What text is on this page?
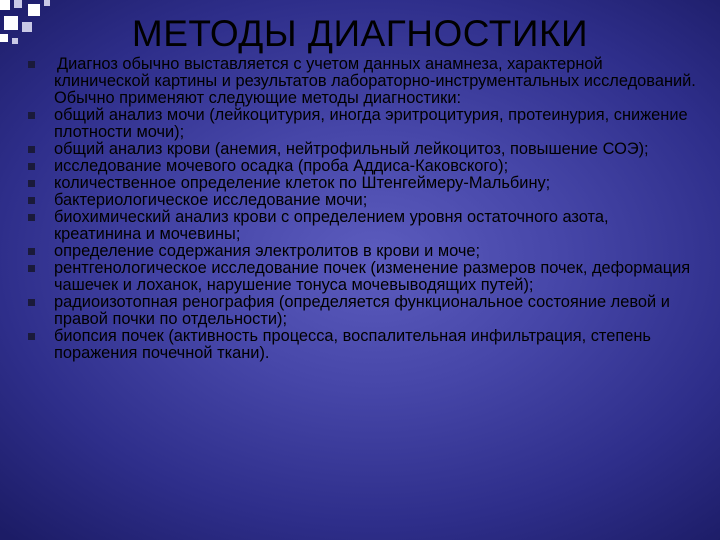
МЕТОДЫ ДИАГНОСТИКИ

Диагноз обычно выставляется с учетом данных анамнеза, характерной клинической картины и результатов лабораторно-инструментальных исследований. Обычно применяют следующие методы диагностики:

общий анализ мочи (лейкоцитурия, иногда эритроцитурия, протеинурия, снижение плотности мочи);

общий анализ крови (анемия, нейтрофильный лейкоцитоз, повышение СОЭ);

исследование мочевого осадка (проба Аддиса-Каковского);

количественное определение клеток по Штенгеймеру-Мальбину;

бактериологическое исследование мочи;

биохимический анализ крови с определением уровня остаточного азота, креатинина и мочевины;

определение содержания электролитов в крови и моче;

рентгенологическое исследование почек (изменение размеров почек, деформация чашечек и лоханок, нарушение тонуса мочевыводящих путей);

радиоизотопная ренография (определяется функциональное состояние левой и правой почки по отдельности);

биопсия почек (активность процесса, воспалительная инфильтрация, степень поражения почечной ткани).
